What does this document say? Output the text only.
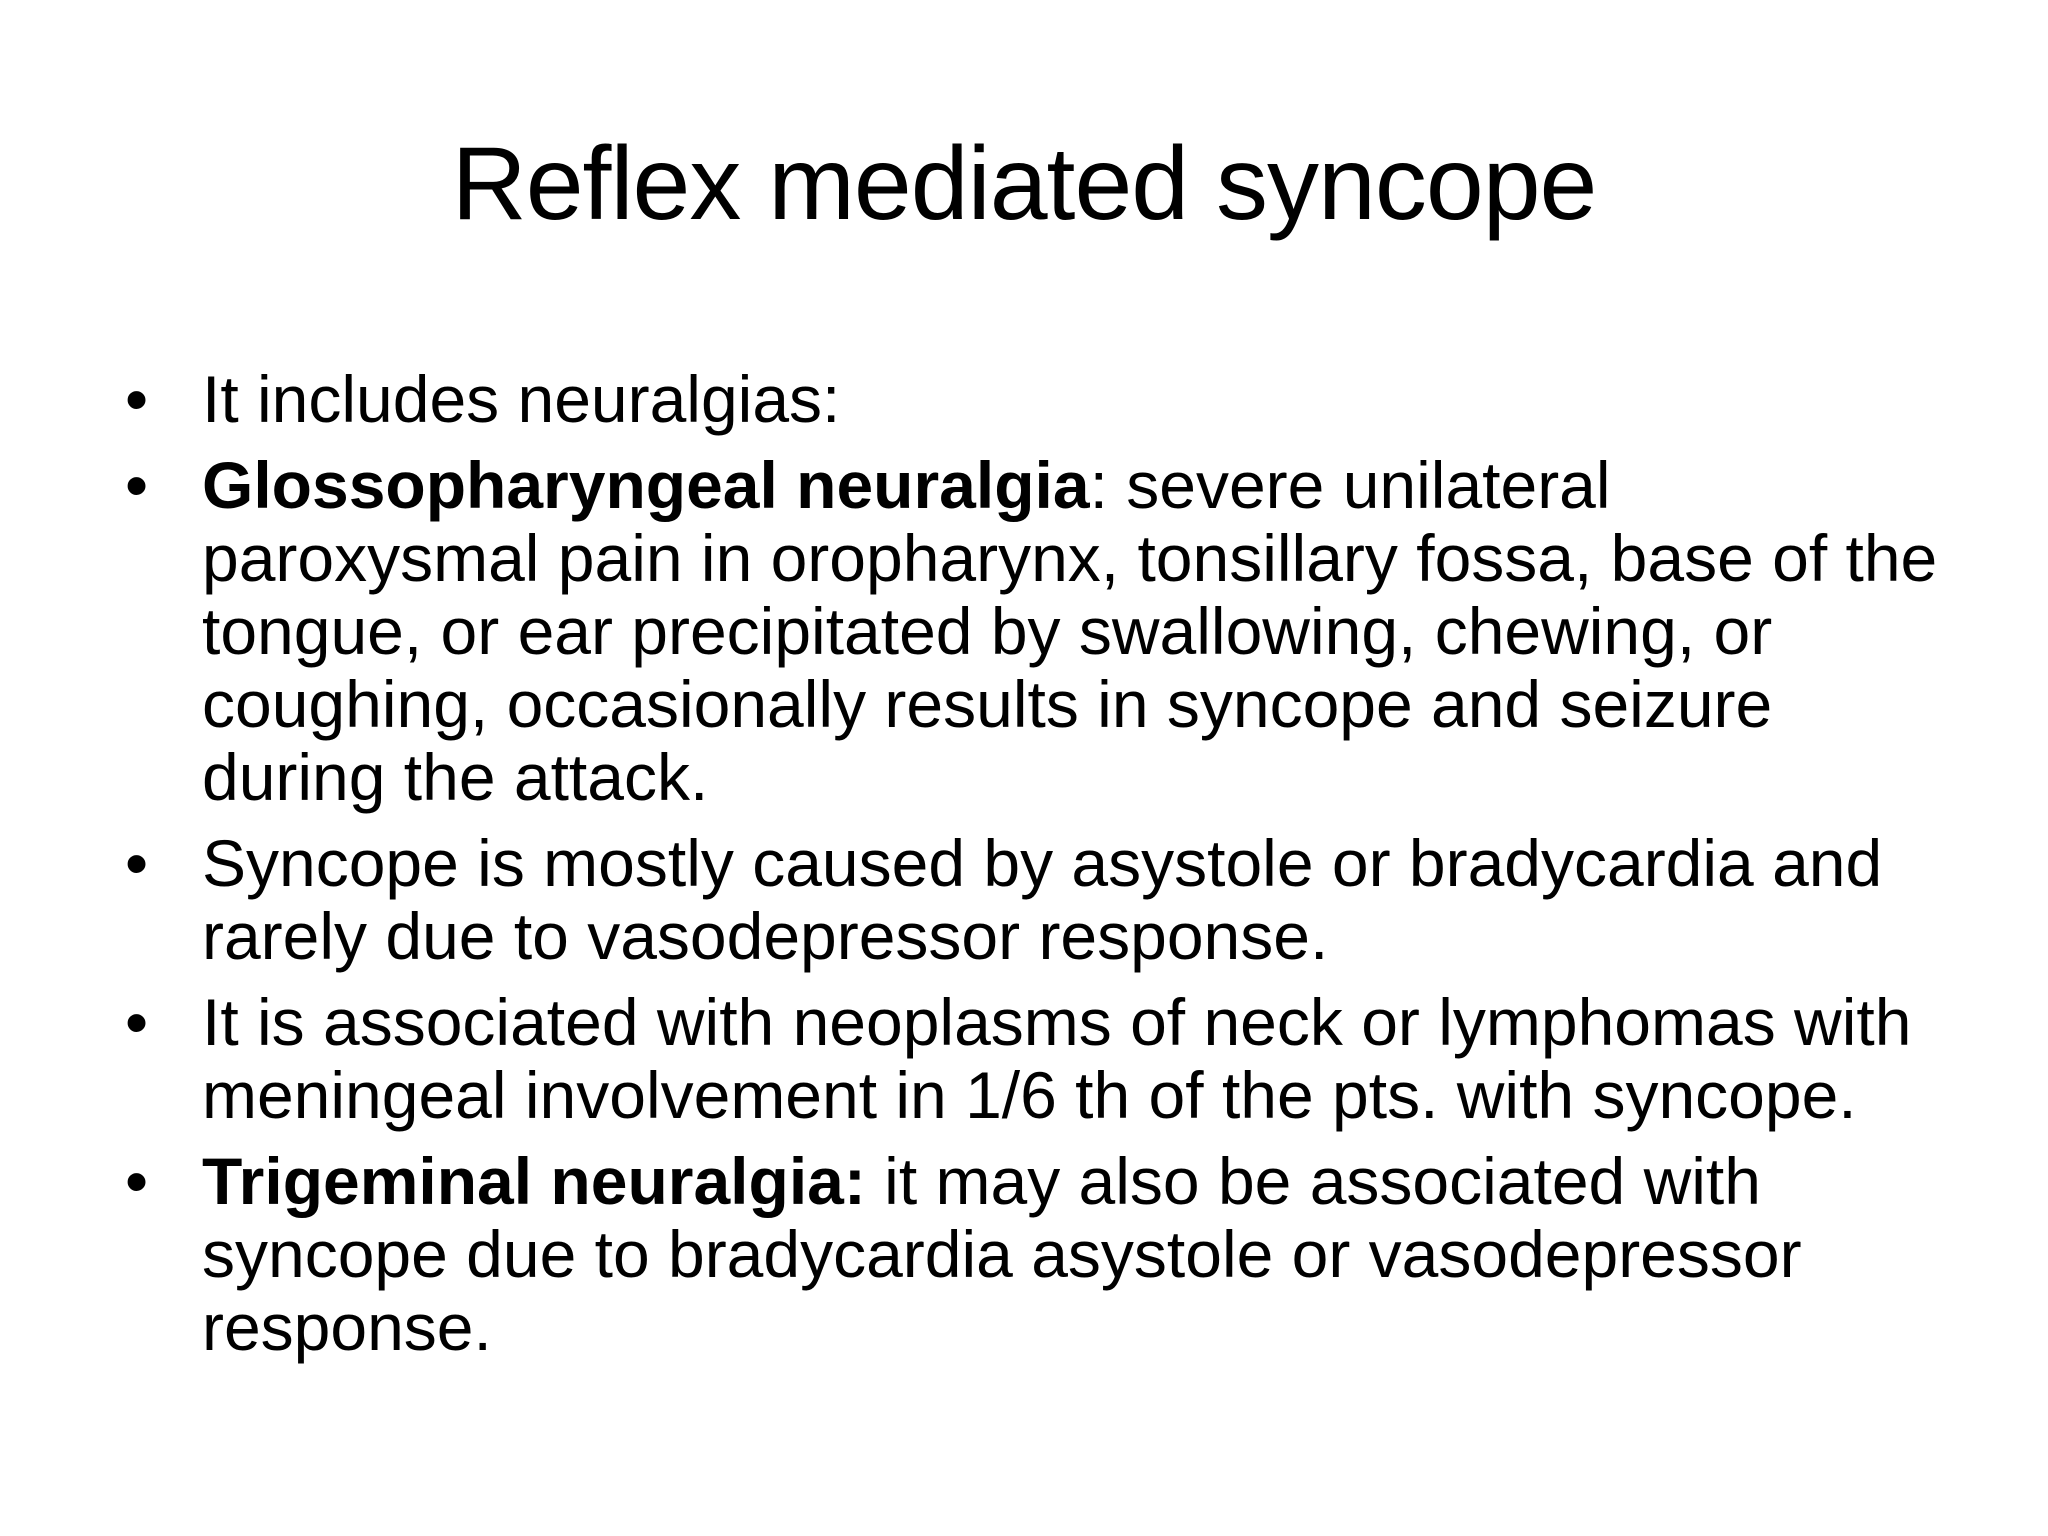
Reflex mediated syncope
• It includes neuralgias:
• Glossopharyngeal neuralgia: severe unilateral paroxysmal pain in oropharynx, tonsillary fossa, base of the tongue, or ear precipitated by swallowing, chewing, or coughing, occasionally results in syncope and seizure during the attack.
• Syncope is mostly caused by asystole or bradycardia and rarely due to vasodepressor response.
• It is associated with neoplasms of neck or lymphomas with meningeal involvement in 1/6 th of the pts. with syncope.
• Trigeminal neuralgia: it may also be associated with syncope due to bradycardia asystole or vasodepressor response.
